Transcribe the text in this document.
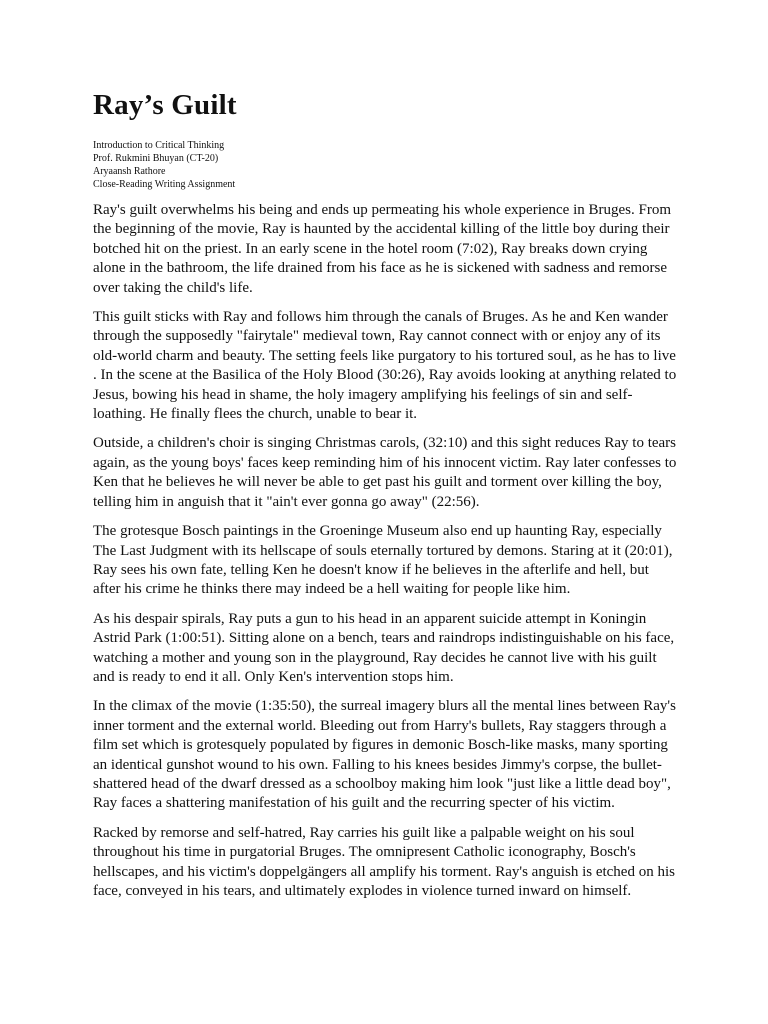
Ray’s Guilt
Introduction to Critical Thinking
Prof. Rukmini Bhuyan (CT-20)
Aryaansh Rathore
Close-Reading Writing Assignment

Ray's guilt overwhelms his being and ends up permeating his whole experience in Bruges. From the beginning of the movie, Ray is haunted by the accidental killing of the little boy during their botched hit on the priest. In an early scene in the hotel room (7:02), Ray breaks down crying alone in the bathroom, the life drained from his face as he is sickened with sadness and remorse over taking the child's life.

This guilt sticks with Ray and follows him through the canals of Bruges. As he and Ken wander through the supposedly "fairytale" medieval town, Ray cannot connect with or enjoy any of its old-world charm and beauty. The setting feels like purgatory to his tortured soul, as he has to live . In the scene at the Basilica of the Holy Blood (30:26), Ray avoids looking at anything related to Jesus, bowing his head in shame, the holy imagery amplifying his feelings of sin and self-loathing. He finally flees the church, unable to bear it.

Outside, a children's choir is singing Christmas carols, (32:10) and this sight reduces Ray to tears again, as the young boys' faces keep reminding him of his innocent victim. Ray later confesses to Ken that he believes he will never be able to get past his guilt and torment over killing the boy, telling him in anguish that it "ain't ever gonna go away" (22:56).

The grotesque Bosch paintings in the Groeninge Museum also end up haunting Ray, especially The Last Judgment with its hellscape of souls eternally tortured by demons. Staring at it (20:01), Ray sees his own fate, telling Ken he doesn't know if he believes in the afterlife and hell, but after his crime he thinks there may indeed be a hell waiting for people like him.

As his despair spirals, Ray puts a gun to his head in an apparent suicide attempt in Koningin Astrid Park (1:00:51). Sitting alone on a bench, tears and raindrops indistinguishable on his face, watching a mother and young son in the playground, Ray decides he cannot live with his guilt and is ready to end it all. Only Ken's intervention stops him.

In the climax of the movie (1:35:50), the surreal imagery blurs all the mental lines between Ray's inner torment and the external world. Bleeding out from Harry's bullets, Ray staggers through a film set which is grotesquely populated by figures in demonic Bosch-like masks, many sporting an identical gunshot wound to his own. Falling to his knees besides Jimmy's corpse, the bullet-shattered head of the dwarf dressed as a schoolboy making him look "just like a little dead boy", Ray faces a shattering manifestation of his guilt and the recurring specter of his victim.

Racked by remorse and self-hatred, Ray carries his guilt like a palpable weight on his soul throughout his time in purgatorial Bruges. The omnipresent Catholic iconography, Bosch's hellscapes, and his victim's doppelgängers all amplify his torment. Ray's anguish is etched on his face, conveyed in his tears, and ultimately explodes in violence turned inward on himself.
